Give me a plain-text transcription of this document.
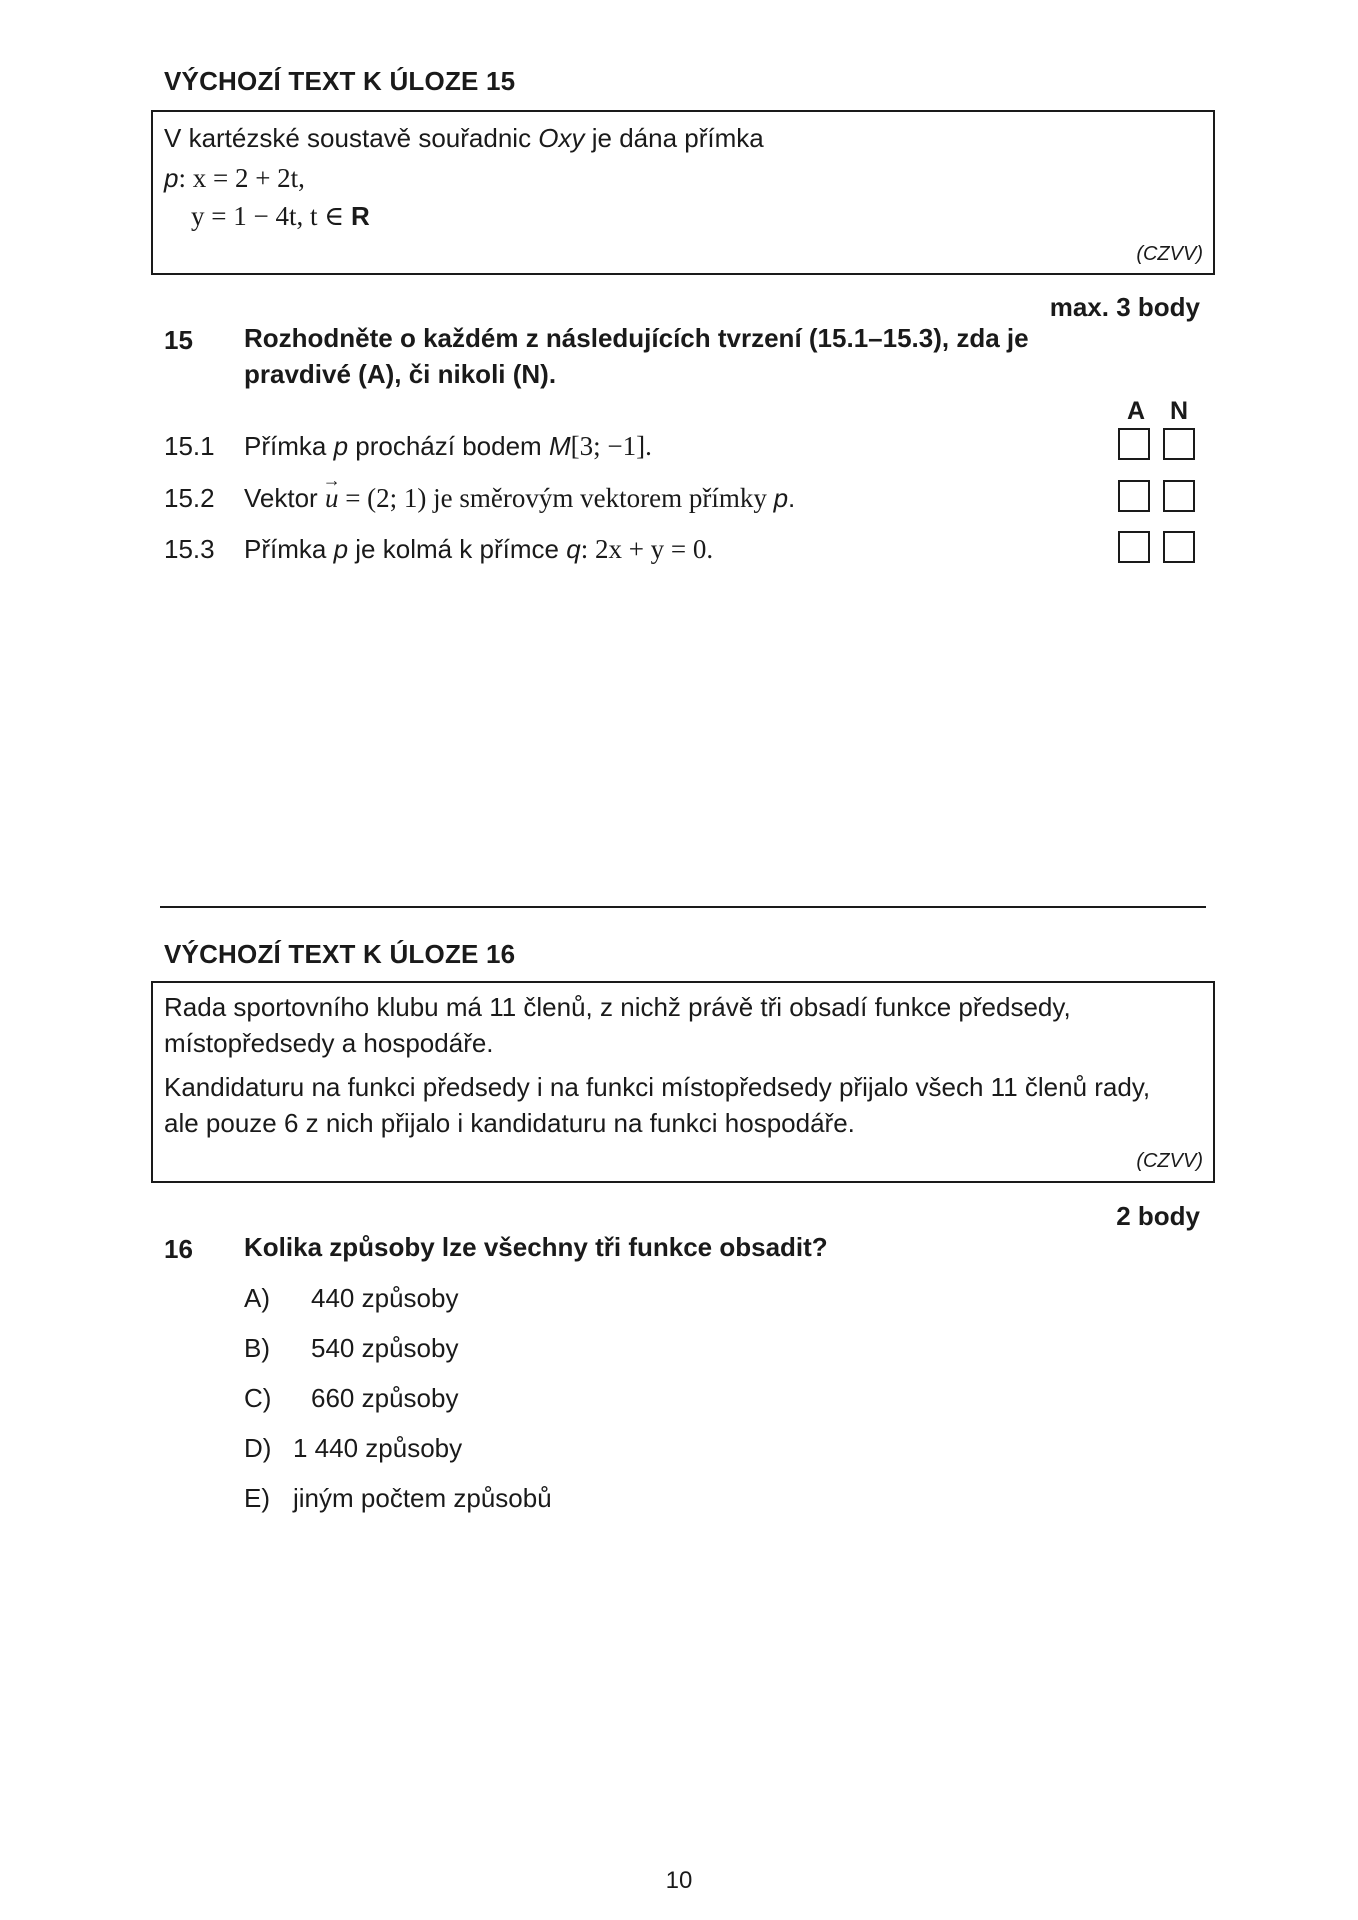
VÝCHOZÍ TEXT K ÚLOZE 15
V kartézské soustavě souřadnic Oxy je dána přímka
p: x = 2 + 2t,
y = 1 − 4t, t ∈ R
(CZVV)
max. 3 body
15 Rozhodněte o každém z následujících tvrzení (15.1–15.3), zda je
pravdivé (A), či nikoli (N).
A N
15.1 Přímka p prochází bodem M[3; −1].
15.2 Vektor → u = (2; 1) je směrovým vektorem přímky p.
15.3 Přímka p je kolmá k přímce q: 2x + y = 0.
VÝCHOZÍ TEXT K ÚLOZE 16
Rada sportovního klubu má 11 členů, z nichž právě tři obsadí funkce předsedy,
místopředsedy a hospodáře.
Kandidaturu na funkci předsedy i na funkci místopředsedy přijalo všech 11 členů rady,
ale pouze 6 z nich přijalo i kandidaturu na funkci hospodáře.
(CZVV)
2 body
16 Kolika způsoby lze všechny tři funkce obsadit?
A) 440 způsoby
B) 540 způsoby
C) 660 způsoby
D) 1 440 způsoby
E) jiným počtem způsobů
10
